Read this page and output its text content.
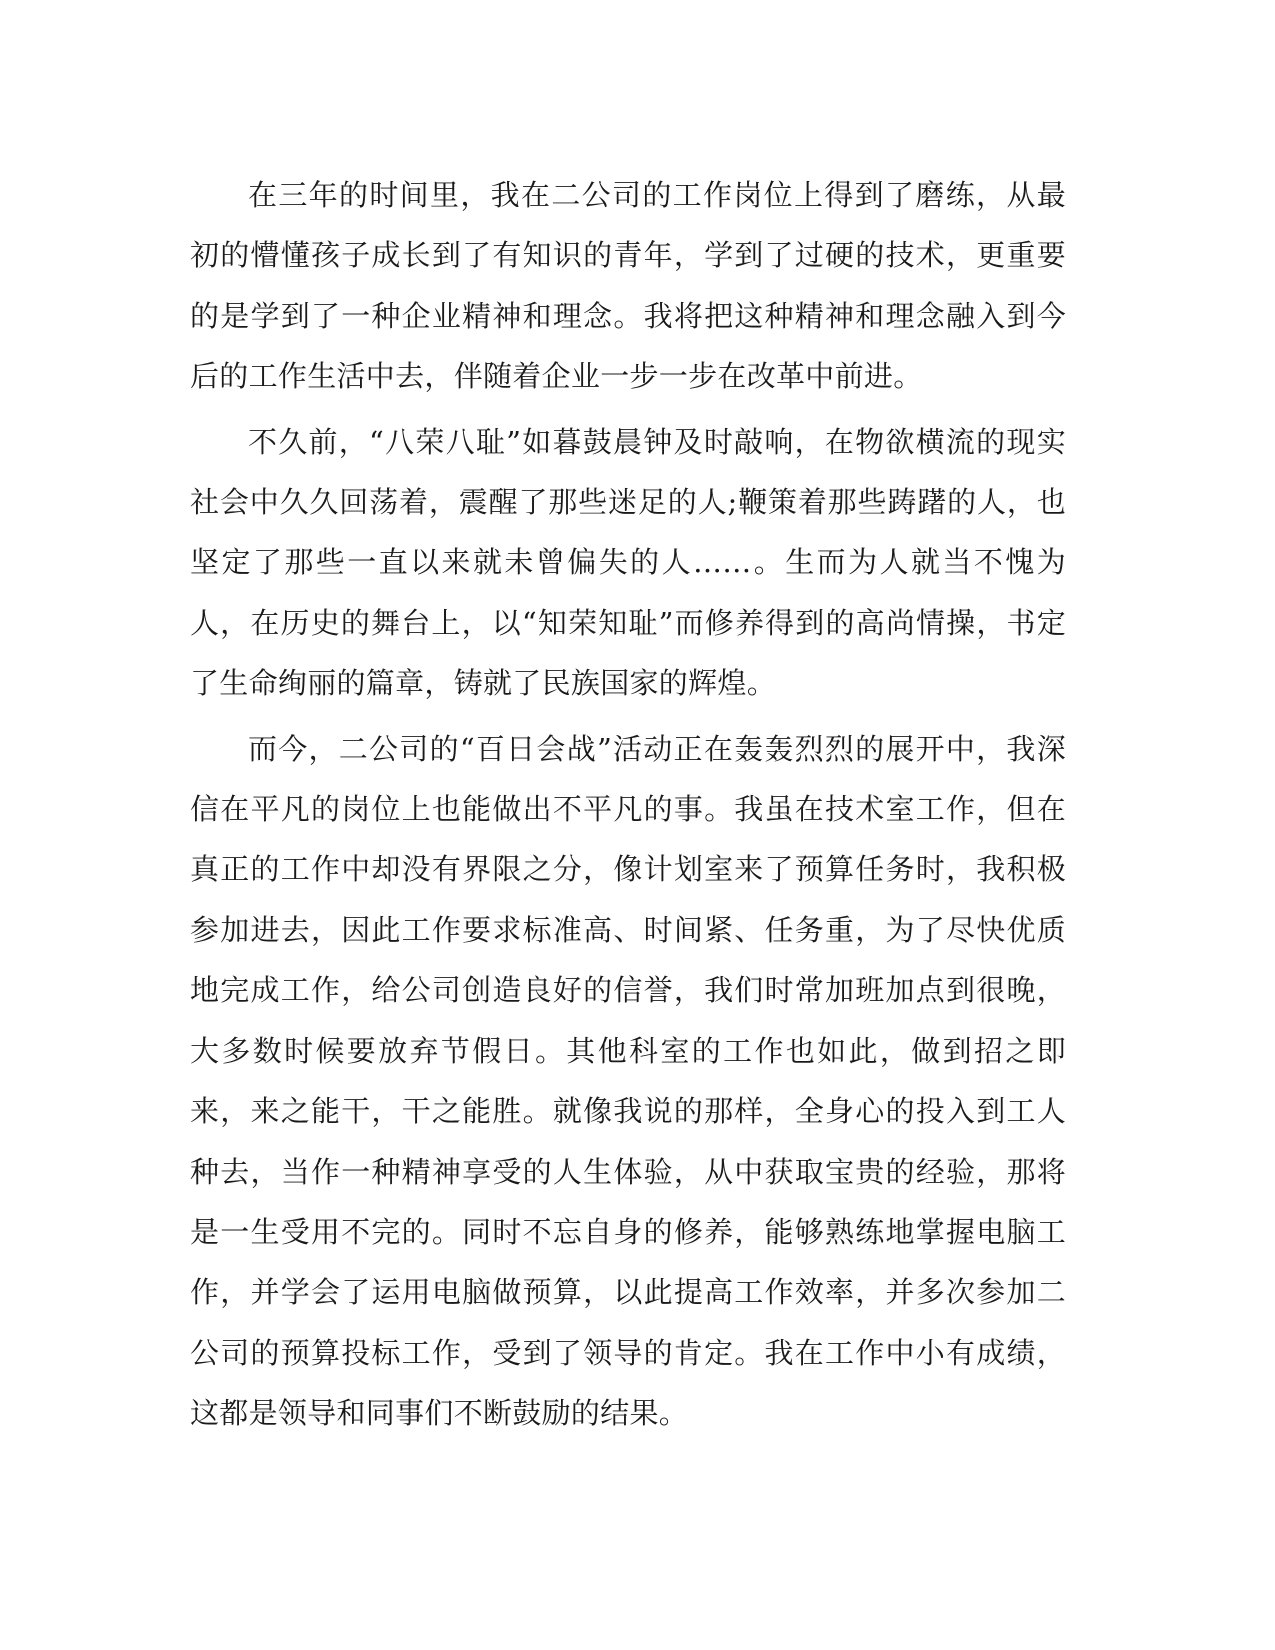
在三年的时间里，我在二公司的工作岗位上得到了磨练，从最初的懵懂孩子成长到了有知识的青年，学到了过硬的技术，更重要的是学到了一种企业精神和理念。我将把这种精神和理念融入到今后的工作生活中去，伴随着企业一步一步在改革中前进。

不久前，“八荣八耻”如暮鼓晨钟及时敲响，在物欲横流的现实社会中久久回荡着，震醒了那些迷足的人;鞭策着那些踌躇的人，也坚定了那些一直以来就未曾偏失的人……。生而为人就当不愧为人，在历史的舞台上，以“知荣知耻”而修养得到的高尚情操，书定了生命绚丽的篇章，铸就了民族国家的辉煌。

而今，二公司的“百日会战”活动正在轰轰烈烈的展开中，我深信在平凡的岗位上也能做出不平凡的事。我虽在技术室工作，但在真正的工作中却没有界限之分，像计划室来了预算任务时，我积极参加进去，因此工作要求标准高、时间紧、任务重，为了尽快优质地完成工作，给公司创造良好的信誉，我们时常加班加点到很晚，大多数时候要放弃节假日。其他科室的工作也如此，做到招之即来，来之能干，干之能胜。就像我说的那样，全身心的投入到工人种去，当作一种精神享受的人生体验，从中获取宝贵的经验，那将是一生受用不完的。同时不忘自身的修养，能够熟练地掌握电脑工作，并学会了运用电脑做预算，以此提高工作效率，并多次参加二公司的预算投标工作，受到了领导的肯定。我在工作中小有成绩，这都是领导和同事们不断鼓励的结果。
